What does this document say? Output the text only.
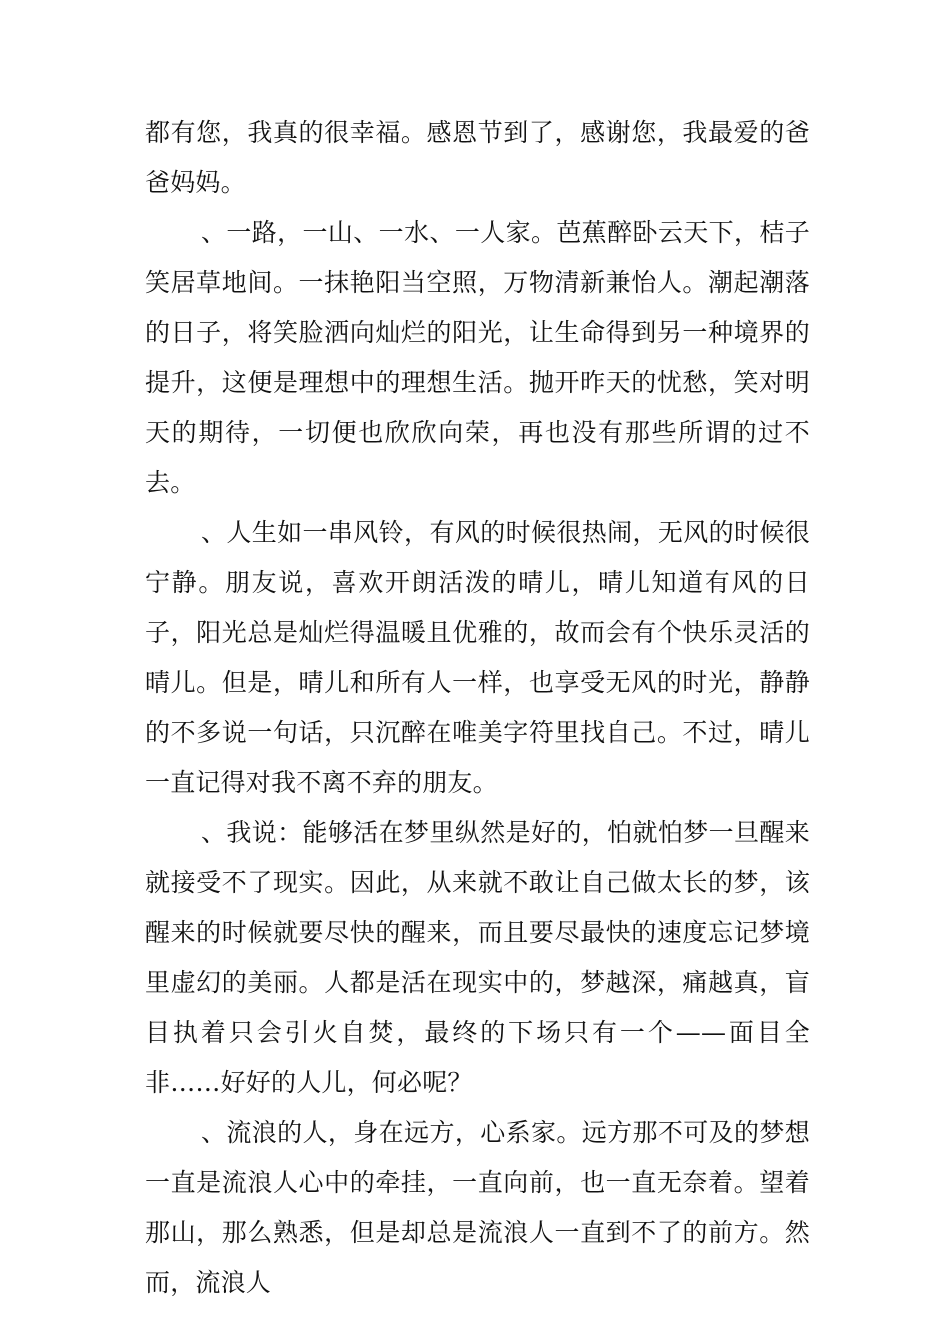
都有您，我真的很幸福。感恩节到了，感谢您，我最爱的爸爸妈妈。

、一路，一山、一水、一人家。芭蕉醉卧云天下，桔子笑居草地间。一抹艳阳当空照，万物清新兼怡人。潮起潮落的日子，将笑脸洒向灿烂的阳光，让生命得到另一种境界的提升，这便是理想中的理想生活。抛开昨天的忧愁，笑对明天的期待，一切便也欣欣向荣，再也没有那些所谓的过不去。

、人生如一串风铃，有风的时候很热闹，无风的时候很宁静。朋友说，喜欢开朗活泼的晴儿，晴儿知道有风的日子，阳光总是灿烂得温暖且优雅的，故而会有个快乐灵活的晴儿。但是，晴儿和所有人一样，也享受无风的时光，静静的不多说一句话，只沉醉在唯美字符里找自己。不过，晴儿一直记得对我不离不弃的朋友。

、我说：能够活在梦里纵然是好的，怕就怕梦一旦醒来就接受不了现实。因此，从来就不敢让自己做太长的梦，该醒来的时候就要尽快的醒来，而且要尽最快的速度忘记梦境里虚幻的美丽。人都是活在现实中的，梦越深，痛越真，盲目执着只会引火自焚，最终的下场只有一个——面目全非……好好的人儿，何必呢？

、流浪的人，身在远方，心系家。远方那不可及的梦想一直是流浪人心中的牵挂，一直向前，也一直无奈着。望着那山，那么熟悉，但是却总是流浪人一直到不了的前方。然而，流浪人
